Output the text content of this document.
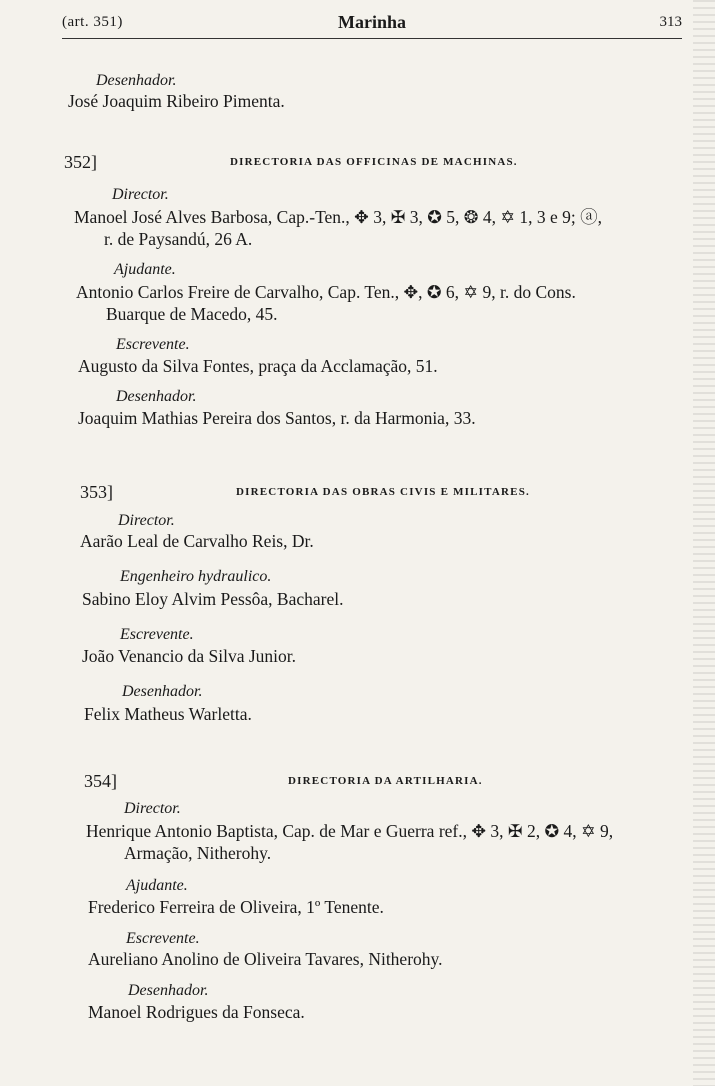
(art. 351)	Marinha	313
Desenhador.
José Joaquim Ribeiro Pimenta.
352]	DIRECTORIA DAS OFFICINAS DE MACHINAS.
Director.
Manoel José Alves Barbosa, Cap.-Ten., ✥ 3, ✠ 3, ✪ 5, ❂ 4, ✡ 1, 3 e 9; ⓐ,
r. de Paysandú, 26 A.
Ajudante.
Antonio Carlos Freire de Carvalho, Cap. Ten., ✥, ✪ 6, ✡ 9, r. do Cons.
Buarque de Macedo, 45.
Escrevente.
Augusto da Silva Fontes, praça da Acclamação, 51.
Desenhador.
Joaquim Mathias Pereira dos Santos, r. da Harmonia, 33.
353]	DIRECTORIA DAS OBRAS CIVIS E MILITARES.
Director.
Aarão Leal de Carvalho Reis, Dr.
Engenheiro hydraulico.
Sabino Eloy Alvim Pessôa, Bacharel.
Escrevente.
João Venancio da Silva Junior.
Desenhador.
Felix Matheus Warletta.
354]	DIRECTORIA DA ARTILHARIA.
Director.
Henrique Antonio Baptista, Cap. de Mar e Guerra ref., ✥ 3, ✠ 2, ✪ 4, ✡ 9,
Armação, Nitherohy.
Ajudante.
Frederico Ferreira de Oliveira, 1º Tenente.
Escrevente.
Aureliano Anolino de Oliveira Tavares, Nitherohy.
Desenhador.
Manoel Rodrigues da Fonseca.
